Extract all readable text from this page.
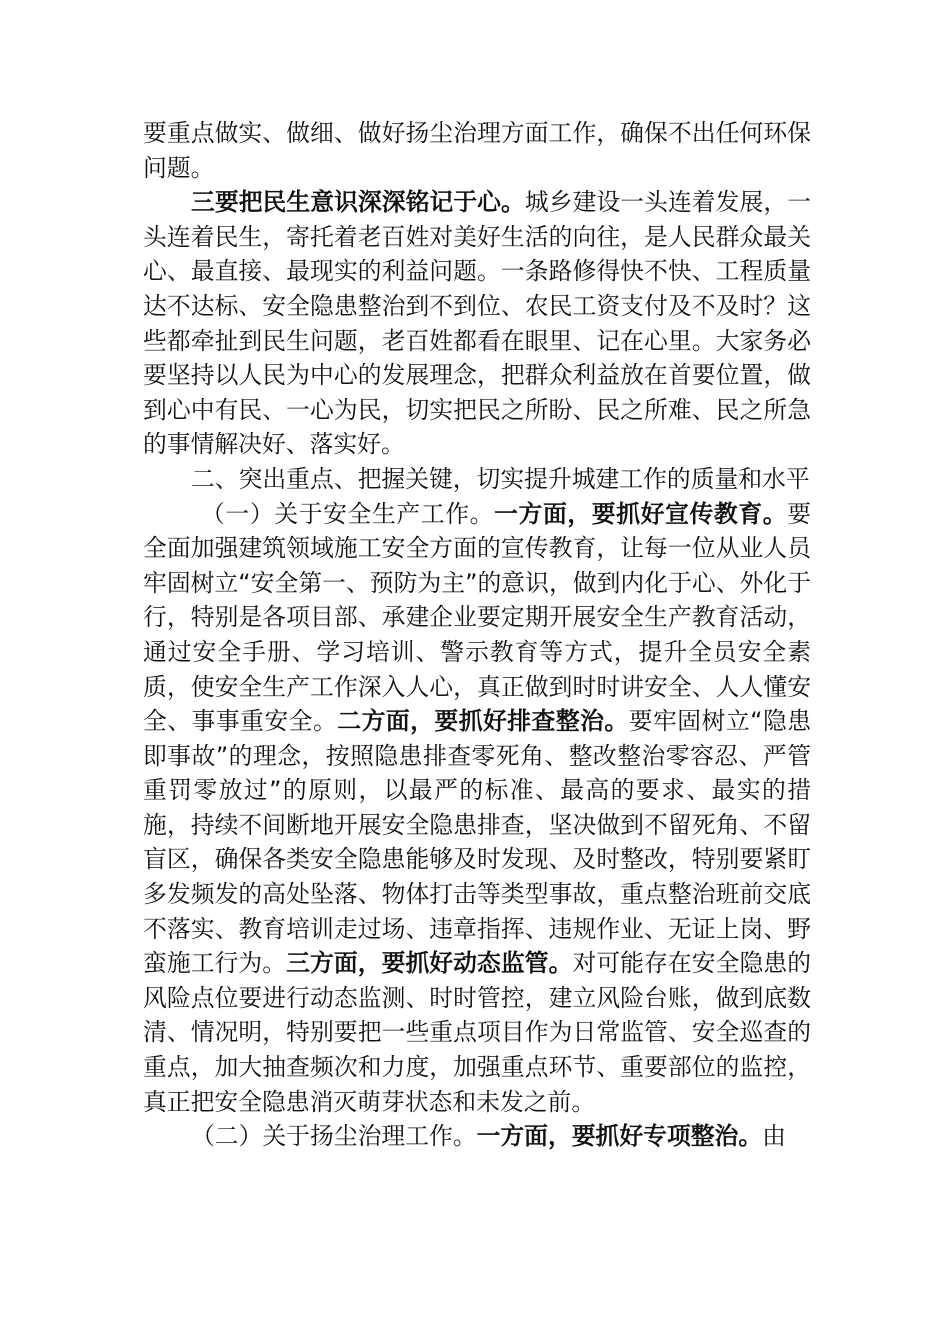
要重点做实、做细、做好扬尘治理方面工作，确保不出任何环保问题。

三要把民生意识深深铭记于心。城乡建设一头连着发展，一头连着民生，寄托着老百姓对美好生活的向往，是人民群众最关心、最直接、最现实的利益问题。一条路修得快不快、工程质量达不达标、安全隐患整治到不到位、农民工资支付及不及时？这些都牵扯到民生问题，老百姓都看在眼里、记在心里。大家务必要坚持以人民为中心的发展理念，把群众利益放在首要位置，做到心中有民、一心为民，切实把民之所盼、民之所难、民之所急的事情解决好、落实好。

二、突出重点、把握关键，切实提升城建工作的质量和水平

（一）关于安全生产工作。一方面，要抓好宣传教育。要全面加强建筑领域施工安全方面的宣传教育，让每一位从业人员牢固树立“安全第一、预防为主”的意识，做到内化于心、外化于行，特别是各项目部、承建企业要定期开展安全生产教育活动，通过安全手册、学习培训、警示教育等方式，提升全员安全素质，使安全生产工作深入人心，真正做到时时讲安全、人人懂安全、事事重安全。二方面，要抓好排查整治。要牢固树立“隐患即事故”的理念，按照隐患排查零死角、整改整治零容忍、严管重罚零放过”的原则，以最严的标准、最高的要求、最实的措施，持续不间断地开展安全隐患排查，坚决做到不留死角、不留盲区，确保各类安全隐患能够及时发现、及时整改，特别要紧盯多发频发的高处坠落、物体打击等类型事故，重点整治班前交底不落实、教育培训走过场、违章指挥、违规作业、无证上岗、野蛮施工行为。三方面，要抓好动态监管。对可能存在安全隐患的风险点位要进行动态监测、时时管控，建立风险台账，做到底数清、情况明，特别要把一些重点项目作为日常监管、安全巡查的重点，加大抽查频次和力度，加强重点环节、重要部位的监控，真正把安全隐患消灭萌芽状态和未发之前。

（二）关于扬尘治理工作。一方面，要抓好专项整治。由
